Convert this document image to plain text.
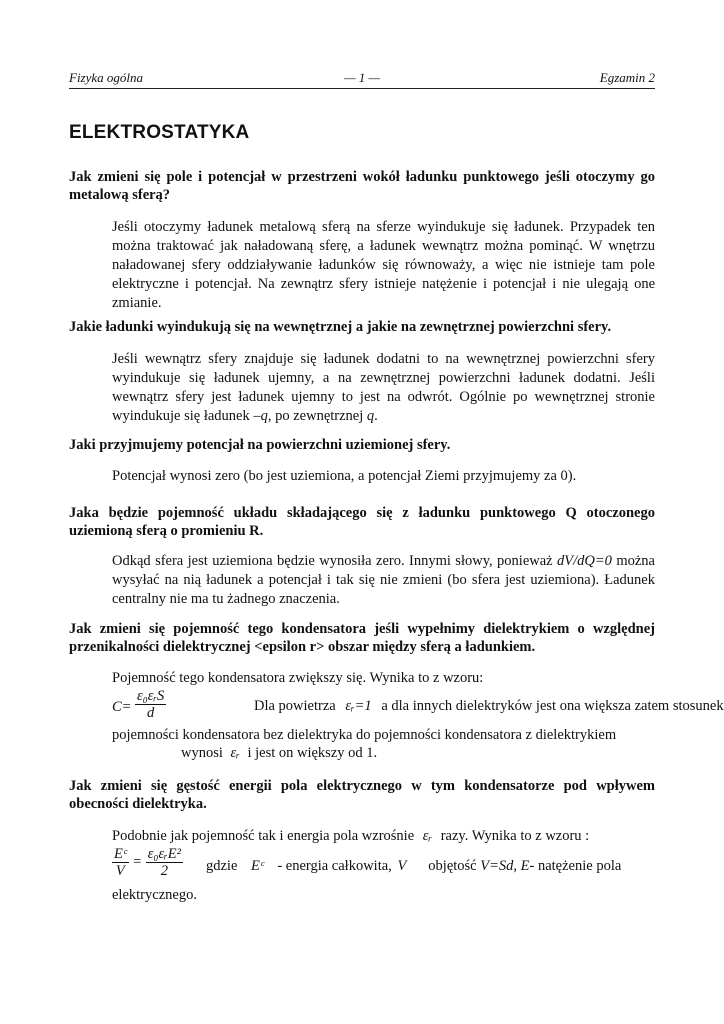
Fizyka ogólna	— 1 —	Egzamin 2
ELEKTROSTATYKA

Jak zmieni się pole i potencjał w przestrzeni wokół ładunku punktowego jeśli otoczymy go metalową sferą?

Jeśli otoczymy ładunek metalową sferą na sferze wyindukuje się ładunek. Przypadek ten można traktować jak naładowaną sferę, a ładunek wewnątrz można pominąć. W wnętrzu naładowanej sfery oddziaływanie ładunków się równoważy, a więc nie istnieje tam pole elektryczne i potencjał. Na zewnątrz sfery istnieje natężenie i potencjał i nie ulegają one zmianie.

Jakie ładunki wyindukują się na wewnętrznej a jakie na zewnętrznej powierzchni sfery.

Jeśli wewnątrz sfery znajduje się ładunek dodatni to na wewnętrznej powierzchni sfery wyindukuje się ładunek ujemny, a na zewnętrznej powierzchni ładunek dodatni. Jeśli wewnątrz sfery jest ładunek ujemny to jest na odwrót. Ogólnie po wewnętrznej stronie wyindukuje się ładunek –q, po zewnętrznej q.

Jaki przyjmujemy potencjał na powierzchni uziemionej sfery.

Potencjał wynosi zero (bo jest uziemiona, a potencjał Ziemi przyjmujemy za 0).

Jaka będzie pojemność układu składającego się z ładunku punktowego Q otoczonego uziemioną sferą o promieniu R.

Odkąd sfera jest uziemiona będzie wynosiła zero. Innymi słowy, ponieważ dV/dQ=0 można wysyłać na nią ładunek a potencjał i tak się nie zmieni (bo sfera jest uziemiona). Ładunek centralny nie ma tu żadnego znaczenia.

Jak zmieni się pojemność tego kondensatora jeśli wypełnimy dielektrykiem o względnej przenikalności dielektrycznej <epsilon r> obszar między sferą a ładunkiem.

Pojemność tego kondensatora zwiększy się. Wynika to z wzoru:

C=
ε₀εᵣS
d	Dla powietrza εᵣ=1 a dla innych dielektryków jest ona większa zatem stosunek

pojemności kondensatora bez dielektryka do pojemności kondensatora z dielektrykiem

wynosi εᵣ i jest on większy od 1.

Jak zmieni się gęstość energii pola elektrycznego w tym kondensatorze pod wpływem obecności dielektryka.

Podobnie jak pojemność tak i energia pola wzrośnie εᵣ razy. Wynika to z wzoru :
$\frac{\text{Eᶜ}}{V} = \frac{\text{ε₀εᵣE²}}{2}$ gdzie Eᶜ - energia całkowita, V objętość V=Sd, E- natężenie pola

elektrycznego.
